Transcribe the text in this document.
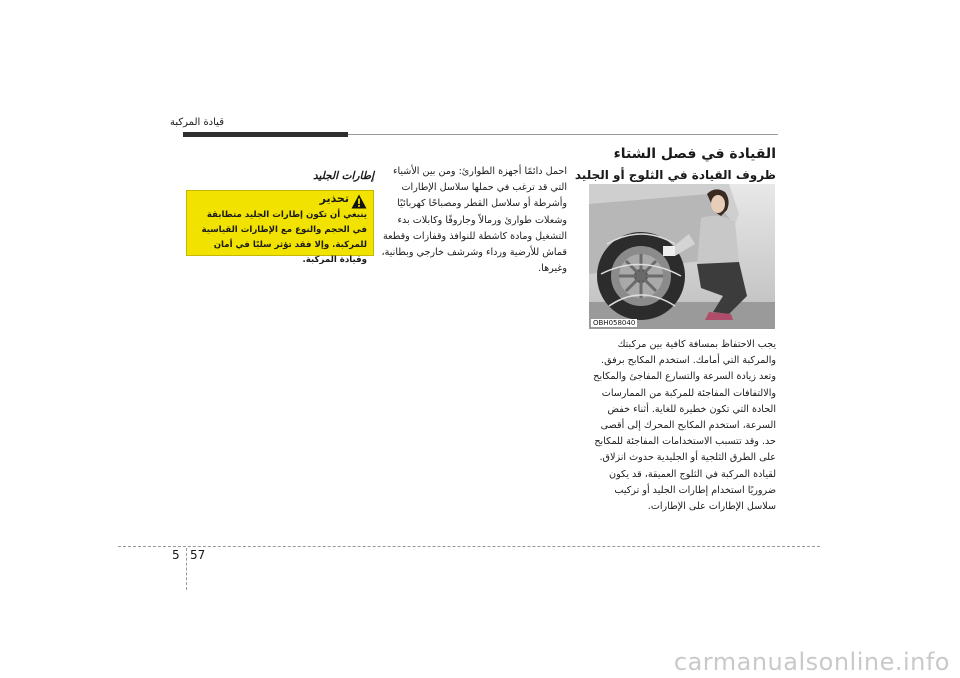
قيادة المركبة
القيادة في فصل الشتاء
ظروف القيادة في الثلوج أو الجليد
احمل دائمًا أجهزة الطوارئ: ومن بين الأشياء التي قد ترغب في حملها سلاسل الإطارات وأشرطة أو سلاسل القطر ومصباحًا كهربائيًا وشعلات طوارئ ورمالاً وجاروفًا وكابلات بدء التشغيل ومادة كاشطة للنوافذ وقفازات وقطعة قماش للأرضية ورداء وشرشف خارجي وبطانية، وغيرها.
إطارات الجليد
تحذير
ينبغي أن تكون إطارات الجليد متطابقة في الحجم والنوع مع الإطارات القياسية للمركبة. وإلا فقد تؤثر سلبًا في أمان وقيادة المركبة.
OBH058040
يجب الاحتفاظ بمسافة كافية بين مركبتك والمركبة التي أمامك. استخدم المكابح برفق. وتعد زيادة السرعة والتسارع المفاجئ والمكابح والالتفافات المفاجئة للمركبة من الممارسات الحادة التي تكون خطيرة للغاية. أثناء خفض السرعة، استخدم المكابح المحرك إلى أقصى حد. وقد تتسبب الاستخدامات المفاجئة للمكابح على الطرق الثلجية أو الجليدية حدوث انزلاق. لقيادة المركبة في الثلوج العميقة، قد يكون ضروريًا استخدام إطارات الجليد أو تركيب سلاسل الإطارات على الإطارات.
5 57
carmanualsonline.info
